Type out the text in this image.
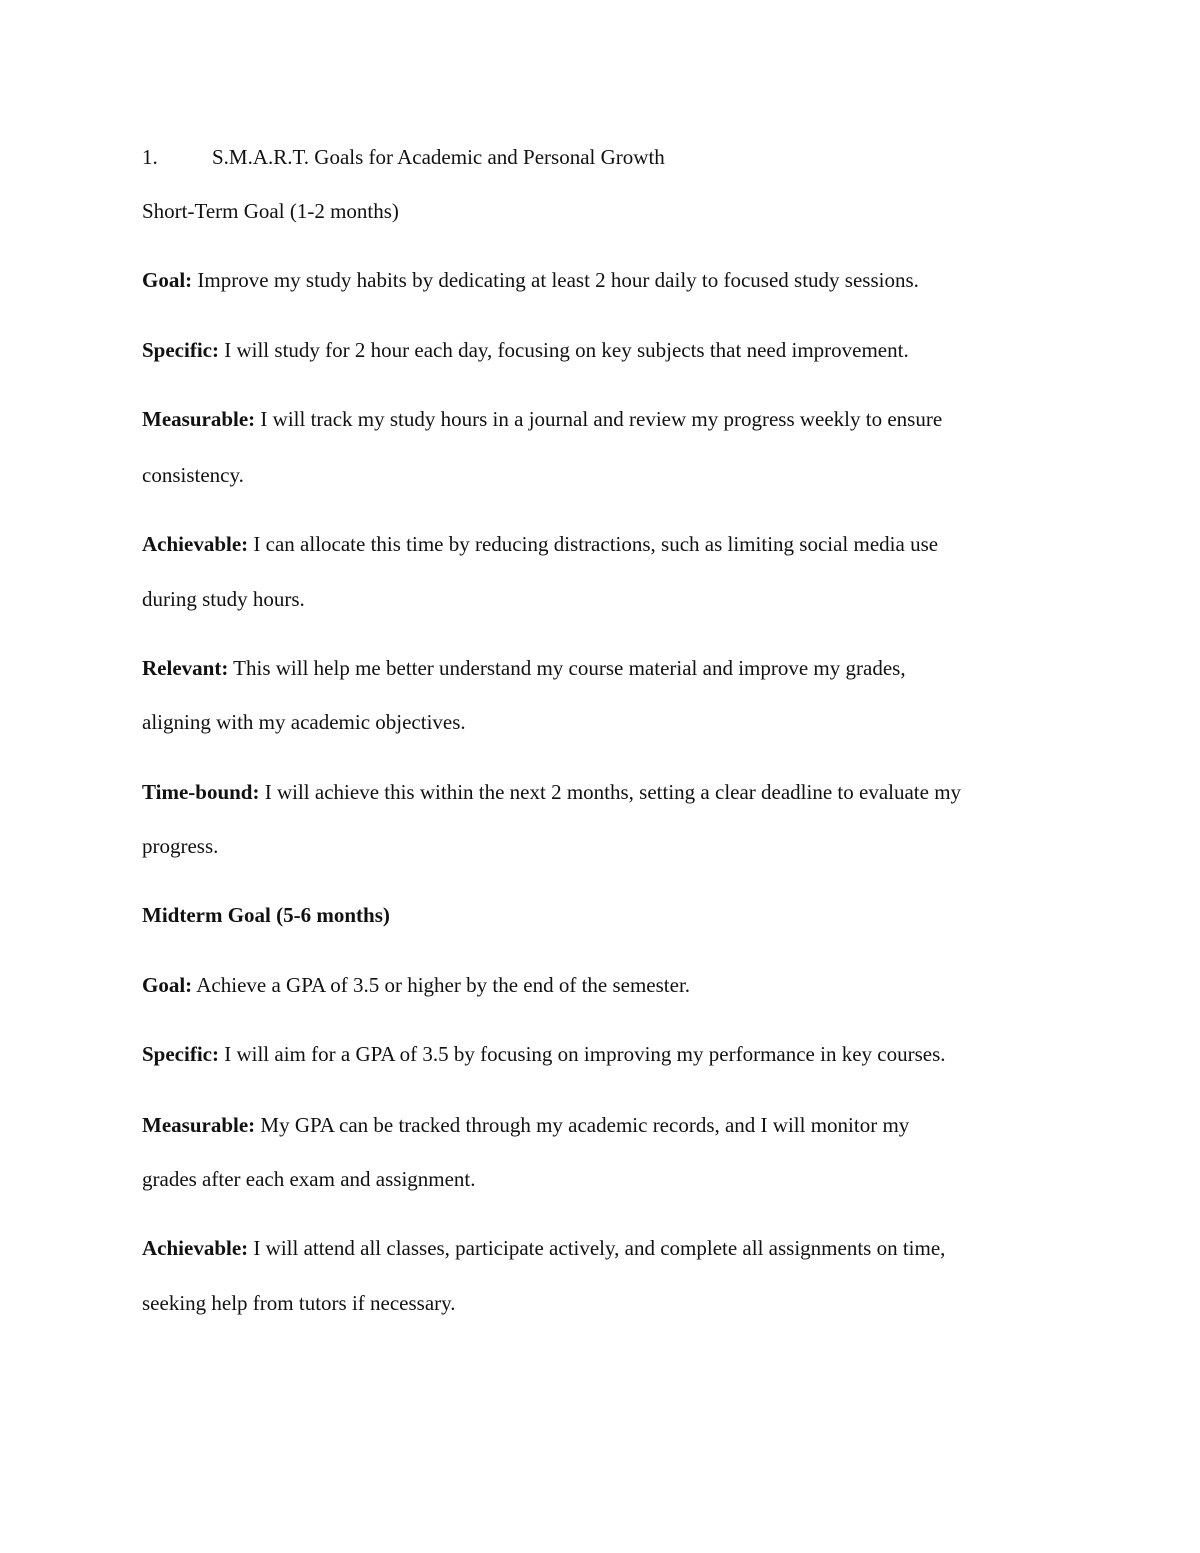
1.	S.M.A.R.T. Goals for Academic and Personal Growth
Short-Term Goal (1-2 months)
Goal: Improve my study habits by dedicating at least 2 hour daily to focused study sessions.
Specific: I will study for 2 hour each day, focusing on key subjects that need improvement.
Measurable: I will track my study hours in a journal and review my progress weekly to ensure
consistency.
Achievable: I can allocate this time by reducing distractions, such as limiting social media use
during study hours.
Relevant: This will help me better understand my course material and improve my grades,
aligning with my academic objectives.
Time-bound: I will achieve this within the next 2 months, setting a clear deadline to evaluate my
progress.
Midterm Goal (5-6 months)
Goal: Achieve a GPA of 3.5 or higher by the end of the semester.
Specific: I will aim for a GPA of 3.5 by focusing on improving my performance in key courses.
Measurable: My GPA can be tracked through my academic records, and I will monitor my
grades after each exam and assignment.
Achievable: I will attend all classes, participate actively, and complete all assignments on time,
seeking help from tutors if necessary.
